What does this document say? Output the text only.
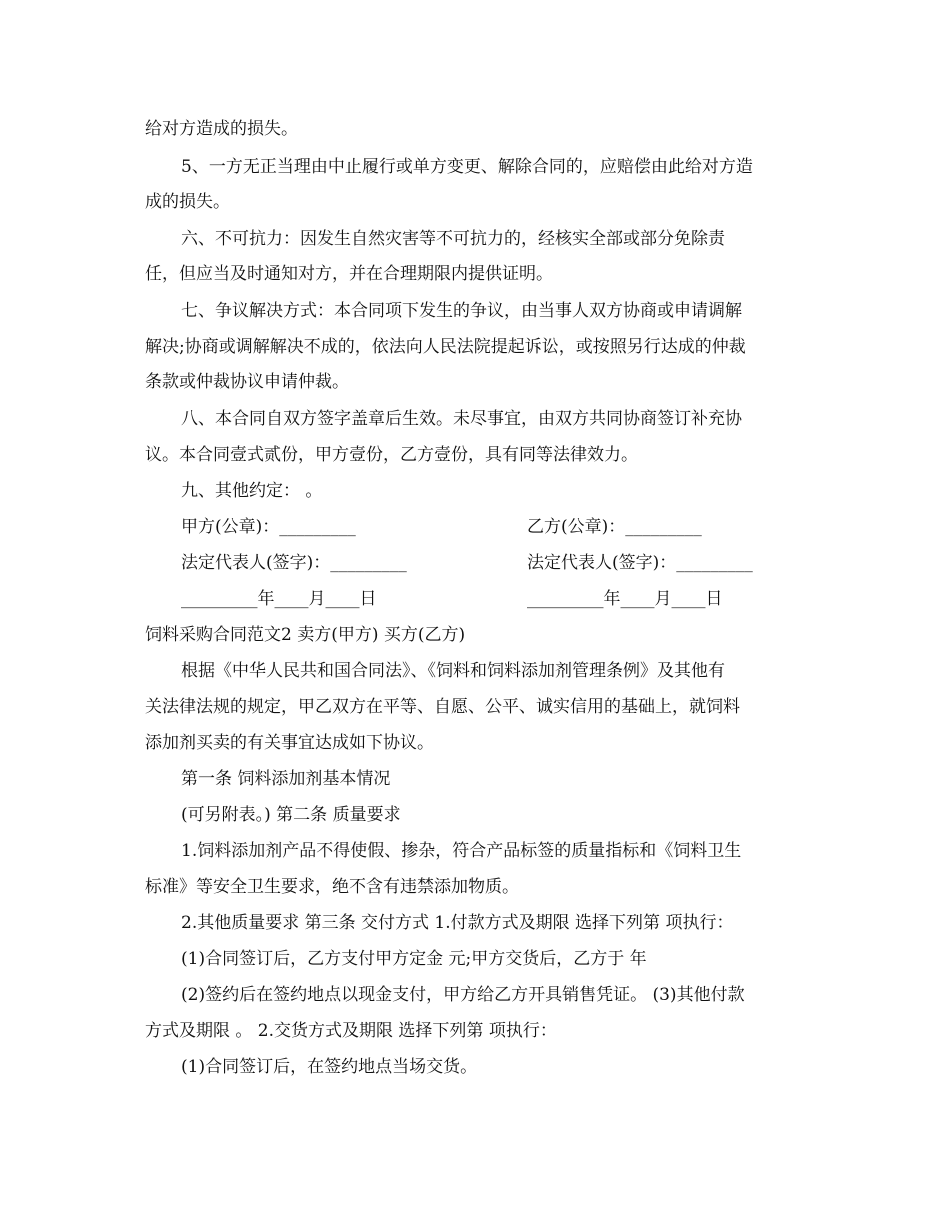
给对方造成的损失。
5、一方无正当理由中止履行或单方变更、解除合同的，应赔偿由此给对方造
成的损失。
六、不可抗力：因发生自然灾害等不可抗力的，经核实全部或部分免除责
任，但应当及时通知对方，并在合理期限内提供证明。
七、争议解决方式：本合同项下发生的争议，由当事人双方协商或申请调解
解决;协商或调解解决不成的，依法向人民法院提起诉讼，或按照另行达成的仲裁
条款或仲裁协议申请仲裁。
八、本合同自双方签字盖章后生效。未尽事宜，由双方共同协商签订补充协
议。本合同壹式贰份，甲方壹份，乙方壹份，具有同等法律效力。
九、其他约定： 。
甲方(公章)：_________	乙方(公章)：_________
法定代表人(签字)：_________	法定代表人(签字)：_________
_________年____月____日	_________年____月____日
饲料采购合同范文2 卖方(甲方) 买方(乙方)
根据《中华人民共和国合同法》、《饲料和饲料添加剂管理条例》及其他有
关法律法规的规定，甲乙双方在平等、自愿、公平、诚实信用的基础上，就饲料
添加剂买卖的有关事宜达成如下协议。
第一条 饲料添加剂基本情况
(可另附表。) 第二条 质量要求
1.饲料添加剂产品不得使假、掺杂，符合产品标签的质量指标和《饲料卫生
标准》等安全卫生要求，绝不含有违禁添加物质。
2.其他质量要求 第三条 交付方式 1.付款方式及期限 选择下列第 项执行：
(1)合同签订后，乙方支付甲方定金 元;甲方交货后，乙方于 年
(2)签约后在签约地点以现金支付，甲方给乙方开具销售凭证。 (3)其他付款
方式及期限 。 2.交货方式及期限 选择下列第 项执行：
(1)合同签订后，在签约地点当场交货。
